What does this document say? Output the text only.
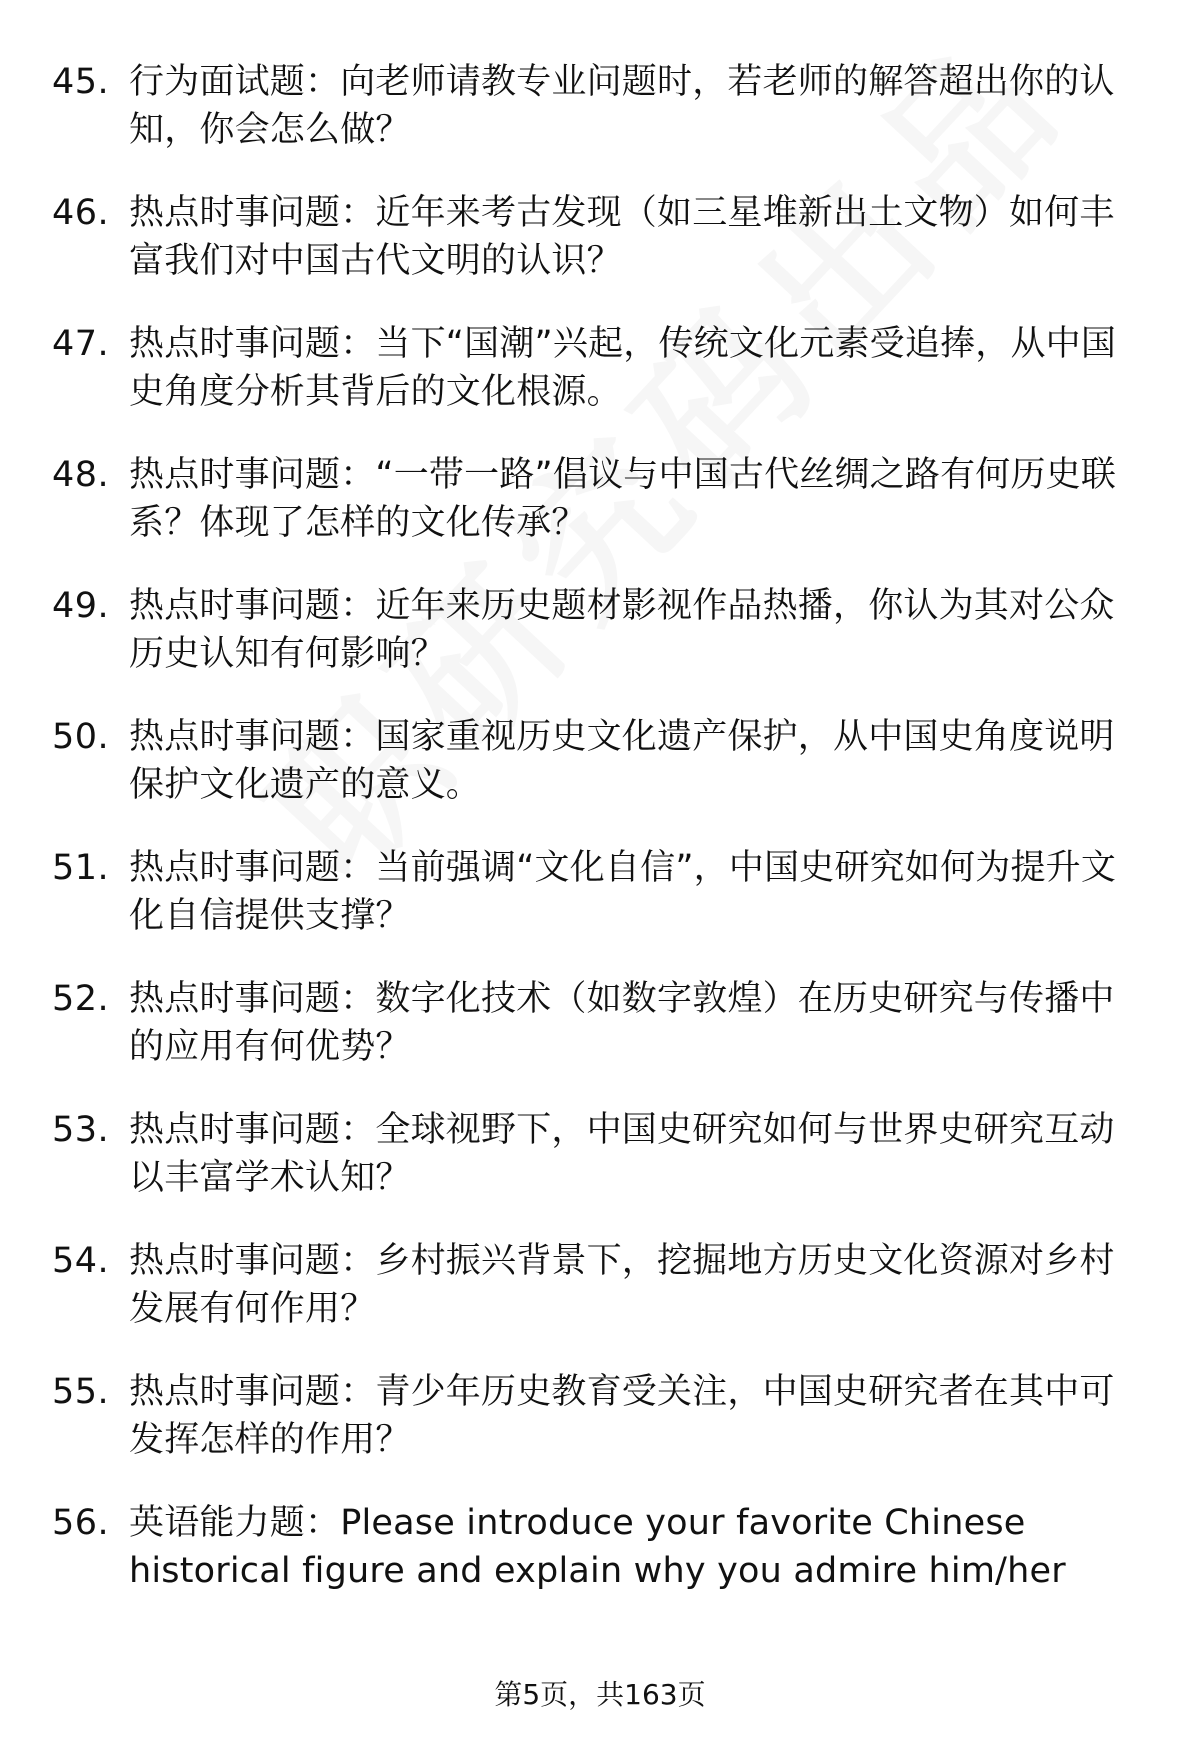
45. 行为面试题：向老师请教专业问题时，若老师的解答超出你的认知，你会怎么做？
46. 热点时事问题：近年来考古发现（如三星堆新出土文物）如何丰富我们对中国古代文明的认识？
47. 热点时事问题：当下“国潮”兴起，传统文化元素受追捧，从中国史角度分析其背后的文化根源。
48. 热点时事问题：“一带一路”倡议与中国古代丝绸之路有何历史联系？体现了怎样的文化传承？
49. 热点时事问题：近年来历史题材影视作品热播，你认为其对公众历史认知有何影响？
50. 热点时事问题：国家重视历史文化遗产保护，从中国史角度说明保护文化遗产的意义。
51. 热点时事问题：当前强调“文化自信”，中国史研究如何为提升文化自信提供支撑？
52. 热点时事问题：数字化技术（如数字敦煌）在历史研究与传播中的应用有何优势？
53. 热点时事问题：全球视野下，中国史研究如何与世界史研究互动以丰富学术认知？
54. 热点时事问题：乡村振兴背景下，挖掘地方历史文化资源对乡村发展有何作用？
55. 热点时事问题：青少年历史教育受关注，中国史研究者在其中可发挥怎样的作用？
56. 英语能力题：Please introduce your favorite Chinese historical figure and explain why you admire him/her
第5页，共163页
